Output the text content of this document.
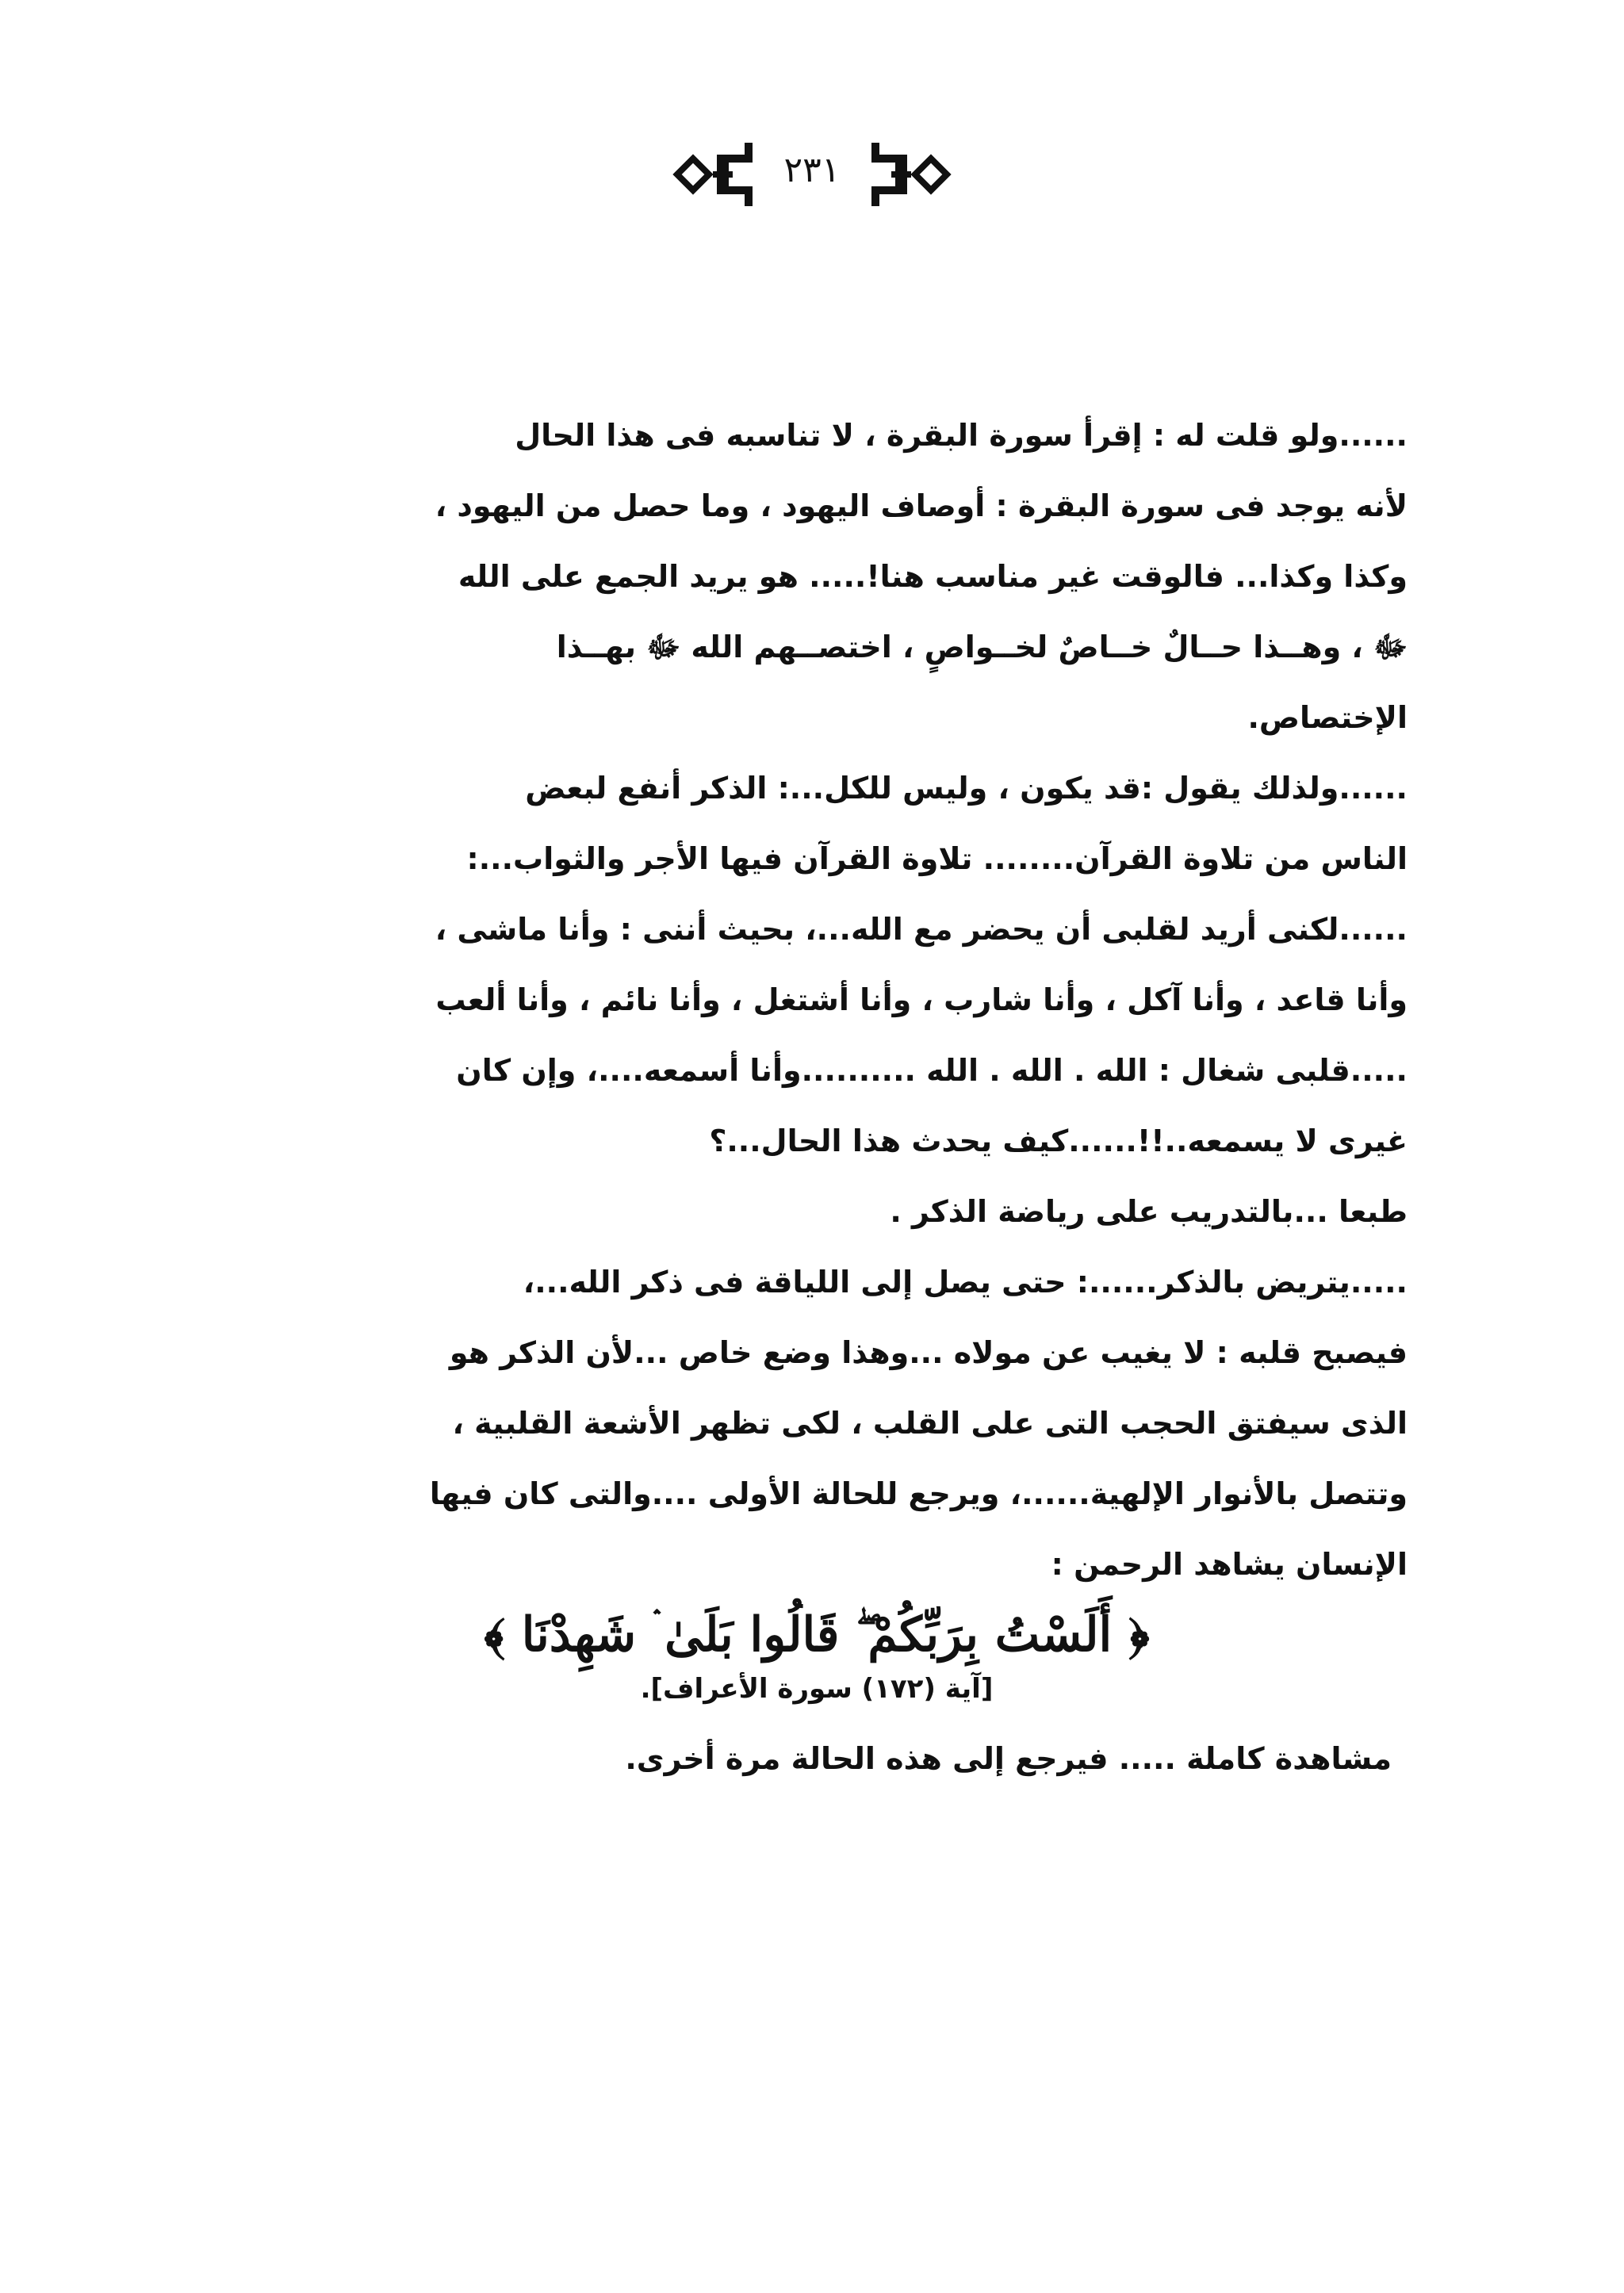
٢٣١
......ولو قلت له : إقرأ سورة البقرة ، لا تناسبه فى هذا الحال
لأنه يوجد فى سورة البقرة : أوصاف اليهود ، وما حصل من اليهود ،
وكذا وكذا... فالوقت غير مناسب هنا!..... هو يريد الجمع على الله
ﷻ ، وهــذا حــالٌ خــاصٌ لخــواصٍ ، اختصــهم الله ﷻ بهــذا
الإختصاص.
......ولذلك يقول :قد يكون ، وليس للكل...: الذكر أنفع لبعض
الناس من تلاوة القرآن........ تلاوة القرآن فيها الأجر والثواب...:
......لكنى أريد لقلبى أن يحضر مع الله...، بحيث أننى : وأنا ماشى ،
وأنا قاعد ، وأنا آكل ، وأنا شارب ، وأنا أشتغل ، وأنا نائم ، وأنا ألعب
.....قلبى شغال : الله . الله . الله ..........وأنا أسمعه....، وإن كان
غيرى لا يسمعه..!!......كيف يحدث هذا الحال...؟
طبعا ...بالتدريب على رياضة الذكر .
.....يتريض بالذكر......: حتى يصل إلى اللياقة فى ذكر الله...،
فيصبح قلبه : لا يغيب عن مولاه ...وهذا وضع خاص ...لأن الذكر هو
الذى سيفتق الحجب التى على القلب ، لكى تظهر الأشعة القلبية ،
وتتصل بالأنوار الإلهية......، ويرجع للحالة الأولى ....والتى كان فيها
الإنسان يشاهد الرحمن :
﴿ أَلَسْتُ بِرَبِّكُمْ ۖ قَالُوا بَلَىٰ ۛ شَهِدْنَا ﴾
[آية (١٧٢) سورة الأعراف].
مشاهدة كاملة ..... فيرجع إلى هذه الحالة مرة أخرى.
